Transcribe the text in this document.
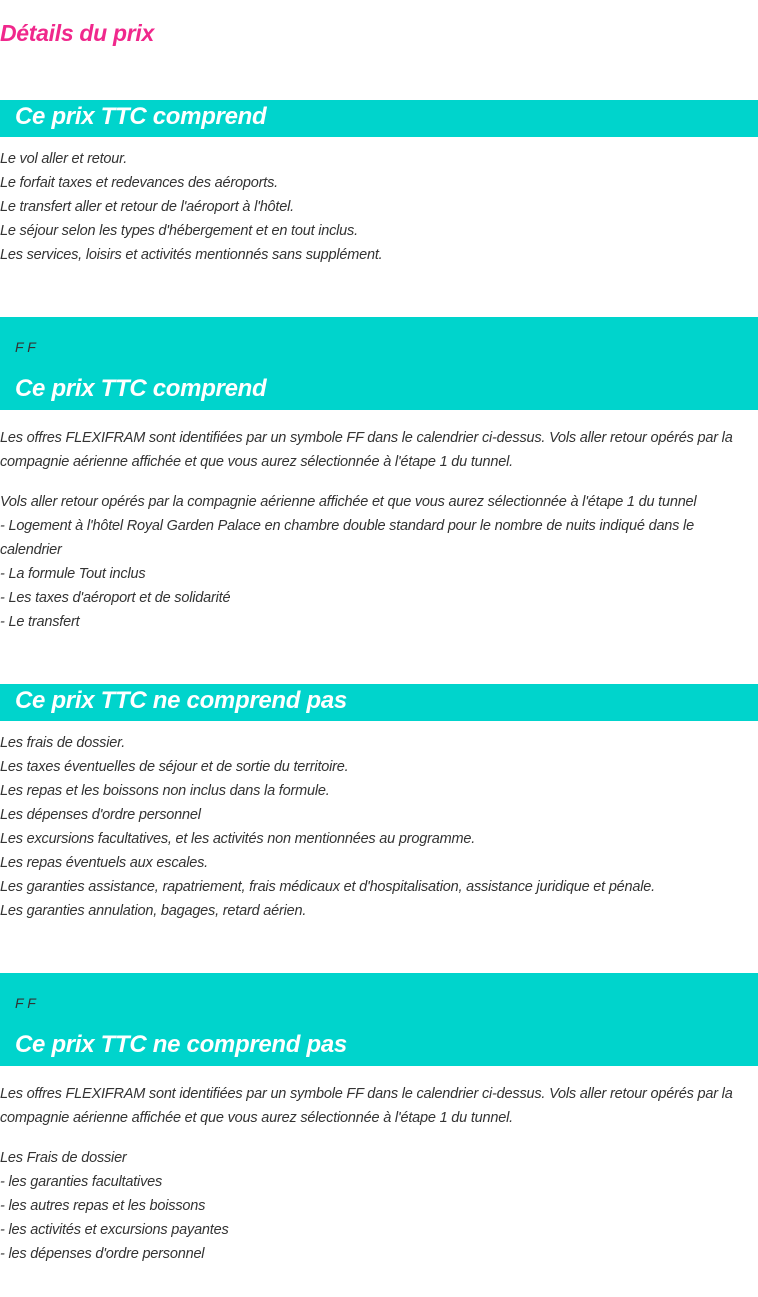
Détails du prix
Ce prix TTC comprend
Le vol aller et retour.
Le forfait taxes et redevances des aéroports.
Le transfert aller et retour de l'aéroport à l'hôtel.
Le séjour selon les types d'hébergement et en tout inclus.
Les services, loisirs et activités mentionnés sans supplément.
F F
Ce prix TTC comprend

Les offres FLEXIFRAM sont identifiées par un symbole FF dans le calendrier ci-dessus. Vols aller retour opérés par la compagnie aérienne affichée et que vous aurez sélectionnée à l'étape 1 du tunnel.

Vols aller retour opérés par la compagnie aérienne affichée et que vous aurez sélectionnée à l'étape 1 du tunnel
- Logement à l'hôtel Royal Garden Palace en chambre double standard pour le nombre de nuits indiqué dans le
calendrier
- La formule Tout inclus
- Les taxes d'aéroport et de solidarité
- Le transfert
Ce prix TTC ne comprend pas
Les frais de dossier.
Les taxes éventuelles de séjour et de sortie du territoire.
Les repas et les boissons non inclus dans la formule.
Les dépenses d'ordre personnel
Les excursions facultatives, et les activités non mentionnées au programme.
Les repas éventuels aux escales.
Les garanties assistance, rapatriement, frais médicaux et d'hospitalisation, assistance juridique et pénale.
Les garanties annulation, bagages, retard aérien.
F F
Ce prix TTC ne comprend pas

Les offres FLEXIFRAM sont identifiées par un symbole FF dans le calendrier ci-dessus. Vols aller retour opérés par la compagnie aérienne affichée et que vous aurez sélectionnée à l'étape 1 du tunnel.

Les Frais de dossier
- les garanties facultatives
- les autres repas et les boissons
- les activités et excursions payantes
- les dépenses d'ordre personnel
